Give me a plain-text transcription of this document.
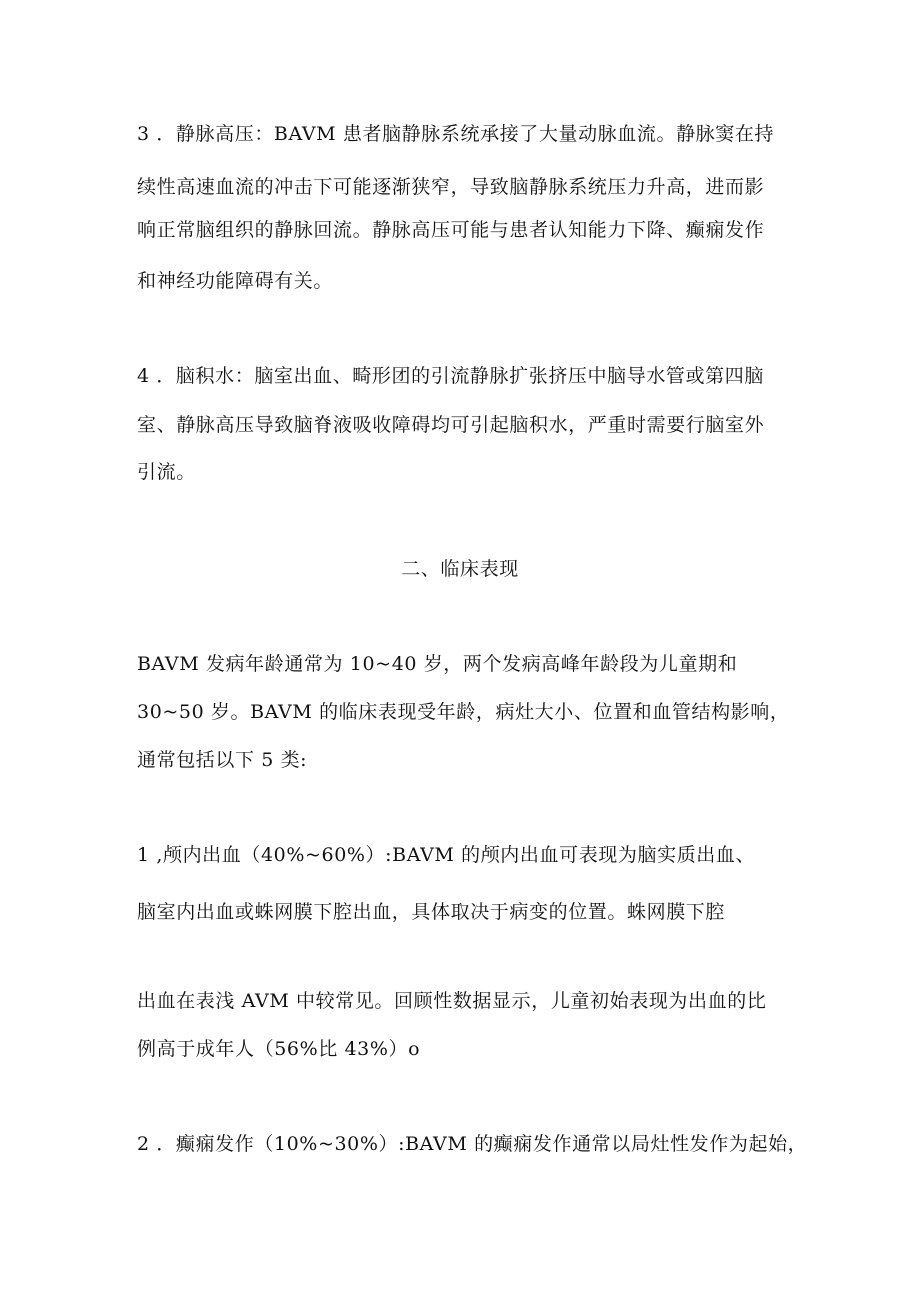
3 ．静脉高压：BAVM 患者脑静脉系统承接了大量动脉血流。静脉窦在持
续性高速血流的冲击下可能逐渐狭窄，导致脑静脉系统压力升高，进而影
响正常脑组织的静脉回流。静脉高压可能与患者认知能力下降、癫痫发作
和神经功能障碍有关。
4 ．脑积水：脑室出血、畸形团的引流静脉扩张挤压中脑导水管或第四脑
室、静脉高压导致脑脊液吸收障碍均可引起脑积水，严重时需要行脑室外
引流。
二、临床表现
BAVM 发病年龄通常为 10~40 岁，两个发病高峰年龄段为儿童期和
30~50 岁。BAVM 的临床表现受年龄，病灶大小、位置和血管结构影响，
通常包括以下 5 类:
1 ,颅内出血（40%~60%）:BAVM 的颅内出血可表现为脑实质出血、
脑室内出血或蛛网膜下腔出血，具体取决于病变的位置。蛛网膜下腔
出血在表浅 AVM 中较常见。回顾性数据显示，儿童初始表现为出血的比
例高于成年人（56%比 43%）o
2 ．癫痫发作（10%~30%）:BAVM 的癫痫发作通常以局灶性发作为起始，
